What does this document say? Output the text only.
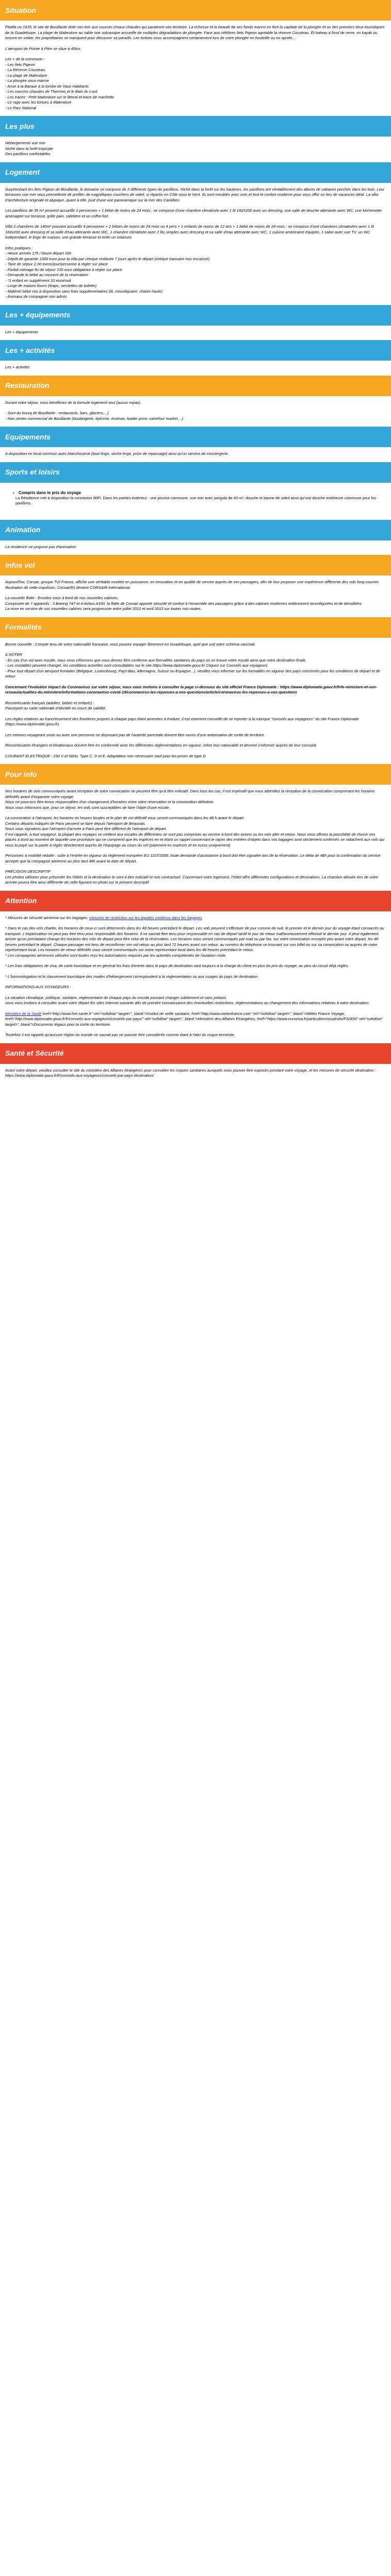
Situation

Flotilla no 1635, le site de Bouillante doté non-loin aux sources d'eaux chaudes qui paraitront son territoire. La richesse et la beauté de ses fonds marins en font la capitale de la plongée et un des premiers lieux touristiques de la Guadeloupe. La plage de Malendure au sable noir volcanique accueille de multiples dégradations de plongée. Face aux célèbres îlets Pigeon agréable la réserve Cousteau. Et bateau à fond de verre, en kayak ou encore en voilier, les propriétaires se manquent pour découvrir sa paradis. Les tortues vous accompagnent certainement lors de votre plongée en bouteille ou en apnée...

L'aéroport de Pointe à Pitre se situe à 45km.

Les + de la commune :
- Les Ilets Pigeon
- La Réserve Cousteau
- La plage de Malendure
- La plongée sous-marine
- Anse à la Barque à la tombe de Vaux Habitants
- Les sources chaudes de Thermes et le Bain du Lord
- Les traces : Petit Malendure sur le littoral et trace de machette
- Le rage avec les tortues à Malendure
- Le Parc National
Les plus
Hébergements vue mer
Niché dans la forêt tropicale
Des pavillons confortables
Logement

Surplombant les îlets Pigeon de Bouillante, le domaine se compose de 3 différents types de pavillons. Niché dans la forêt sur les hauteurs, les pavillons ont véritablement des allures de cabanes perchés dans les bois. Leur terrasses vue mer vous permettront de profiter de magnifiques couchers de soleil, si répartis en Côte sous le Vent. Ils sont meublés avec soin et tout le confort moderne pour vous offrir un lieu de vacances idéal. La villa d'architecture originale et atypique, quant à elle, jouit d'une vue panoramique sur la mer des Caraïbes.

Les pavillons de 35 m² peuvent accueillir 2 personnes + 1 bébé de moins de 24 mois ; se compose d'une chambre climatisée avec 1 lit 160X200 avec un dressing, une salle de douche attenante avec WC, une kitchenette aménagée sur terrasse, grille pain, cafetière et un coffre-fort.

Villa 2 chambres de 140m² pouvant accueillir 4 personnes + 2 bébés de moins de 24 mois ou 4 pers + 1 enfants de moins de 12 ans + 1 bébé de moins de 24 mois ; se compose d'une chambres climatisées avec 1 lit 160x200 avec dressing et sa salle d'eau attenante avec WC, 1 chambre climatisée avec 2 lits simples avec dressing et sa salle d'eau attenante avec WC, 1 cuisine américaine équipée, 1 salon avec vue TV, un WC indépendant, le linge de maison, une grande terrasse et enfin un solarium.

Infos pratiques :
- Heure arrivée 17h / heure départ 10h
- Dépôt de garantie 1000 euro pour la villa par cheque restituée 7 jours après le départ (chèque bancaire non encaissé)
- Taxe de séjour 2,30 euros/jour/personne à régler sur place
- Forfait ménage fin de séjour 130 euro obligatoire à régler sur place
- Demande le bébé au moment de la réservation
- *1 enfant en supplément 10 euro/nuit
- Linge de maison fourni (draps, serviettes de toilette)
- Matériel bébé mis à disposition sans frais supplémentaires (lit, moustiquaire, chaise haute)
- Animaux de compagnie non admis
Les + équipements

Les + équipements

Les + activités

Les + activités

Restauration

Durant votre séjour, vous bénéficiez de la formule logement seul (aucun repas).

- Sont du bourg de Bouillante : restaurants, bars, glaciers,...)
- Non centre commercial de Bouillante (boulangerie, épicerie, écomax, loader price, carrefour market,...)
Equipements

A disposition en local commun avec blanchisserie (lave-linge, sèche-linge, prise de repassage) ainsi qu'un service de conciergerie.

Sports et loisirs
• Compris dans le prix du voyage
La Résidence met à disposition la connexion WiFi. Dans les parties extérieur : une piscine commune, vue mer avec pergola de 43 m², douche et banne de soleil ainsi qu'une douche extérieure commune pour les pavillons.
Animation

La résidence ne propose pas d'animation.

Infos vol

Aujourd'hui, Corsair, groupe TUI France, affiche une véritable montée en puissance, en innovation et en qualité de service auprès de ses passagers, afin de leur proposer une expérience différente des vols long courrier. Illustration de cette impulsion, Corsair(R) devient CORSAIR International.

La nouvelle flotte : Envolez-vous à bord de nos nouvelles cabines.
Composée de 7 appareils : 3 Boeing 747 et 4 Airbus A330, la flotte de Corsair apporte sécurité et confort à l'ensemble des passagers grâce à des cabines modernes entièrement reconfigurées et de densifiées.
La mise en service de nos nouvelles cabines sera progressive entre juillet 2012 et avril 2013 sur toutes nos routes.

Formalités

Bonne nouvelle : Compte tenu de votre nationalité française, vous pouvez voyager librement en Guadeloupe, quel que soit votre schéma vaccinal.

A NOTER
- En cas d'un vol avec escale, nous vous informons que vous devrez être conforme aux formalités sanitaires du pays où se trouve votre escale ainsi que votre destination finale.
- Les modalités peuvent changer, les conditions actuelles sont consultables sur le site https://www.diplomatie.gouv.fr/ Cliquez sur Conseils aux voyageurs.
- Pour tout départ d'un aéroport frontalier (Belgique, Luxembourg, Pays-Bas, Allemagne, Suisse ou Espagne...), veuillez vous informer sur les formalités en vigueur des pays concernés pour les conditions de départ et de retour.

Concernant l'évolution impact du Coronavirus sur votre séjour, nous vous invitons à consulter la page ci-dessous du site officiel France Diplomatie : https://www.diplomatie.gouv.fr/fr/le-ministere-et-son-reseau/actualites-du-ministere/informations-coronavirus-covid-19/coronavirus-les-reponses-a-vos-questions/article/coronavirus-les-reponses-a-vos-questions

Ressortissants français (adultes, bébés et enfants) :
Passeport ou carte nationale d'identité en cours de validité.

Les règles relatives au franchissement des frontières propres à chaque pays étant amenées à évoluer, il est vivement conseillé de se reporter à la rubrique "conseils aux voyageurs" du site France Diplomatie (https://www.diplomatie.gouv.fr).

Les mineurs voyageant seuls ou avec une personne ne disposant pas de l'autorité parentale doivent être munis d'une autorisation de sortie de territoire.

Ressortissants étrangers et binationaux doivent être en conformité avec les différentes réglementations en vigueur, selon leur nationalité et devront s'informer auprès de leur consulat.

COURANT ELECTRIQUE : 230 V et 50Hz. Type C, D et E. Adaptateur non nécessaire sauf pour les prises de type D.

Pour info

Nos horaires de vols communiqués avant réception de votre convocation ne peuvent être qu'à titre indicatif. Dans tous les cas, il est impératif que vous attendiez la réception de la convocation comprenant les horaires définitifs avant d'organiser votre voyage.
Nous ne pourrons être tenus responsables d'un changement d'horaires entre votre réservation et la convocation définitive.
Nous vous informons que, pour ce séjour, les vols sont susceptibles de faire l'objet d'une escale.

La convocation à l'aéroport, les horaires en heures locales et le plan de vol définitif vous seront communiqués dans les 48 h avant le départ.
Certains départs indiqués de Paris peuvent se faire depuis l'aéroport de Beauvais.
Nous vous signalons que l'aéroport d'arrivée à Paris peut être différent de l'aéroport de départ.
Il est rappelé, à tout voyageur, la plupart des voyages se mettent aux escales de différentes se sont pas comprises au service à bord des avions ou les vols aller et retour. Nous vous offrons la possibilité de choisir vos places à bord au moment de laquelle une procédure qui ne comprend que les espèces en et étant un rappel concernant le rayon des entrées d'objets dans vos bagages sont strictement confirmés se rattachent aux vols qui nous la payé sur la partie à régler directement auprès de l'équipage au cours du vol (paiement en espèces et en euros uniquement).

Personnes à mobilité réduite : suite à l'entrée en vigueur du règlement européen EU 1107/2006, toute demande d'assistance à bord doit être signalée lors de la réservation. Le délai de 48h pour la confirmation du service accepte que la compagnie aérienne au plus tard 48h avant la date de départ.

PRÉCISION DESCRIPTIF
Les photos utilisées pour présenter les hôtels et la destination le sont à titre indicatif et non contractuel. Concernant votre logement, l'hôtel offre différentes configurations et décorations. La chambre allouée lors de votre arrivée pourra être ainsi différente de celle figurant en photo sur le présent descriptif.

Attention

* Mesures de sécurité aérienne sur les bagages: mesures de restriction sur les liquides contenus dans les bagages

* Dans le cas des vols charter, les horaires de ceux-ci sont déterminés dans les 48 heures précédant le départ. Les vols peuvent s'effectuer de jour comme de nuit, le premier et le dernier jour du voyage étant consacrés au transport. L'organisateur ne peut pas être tenu pour responsable des horaires. Il ne saurait être tenu pour responsable en cas de départ tardif le jour de retour malheureusement effectué le dernier jour. Il peut également arriver qu'un prestataire change les horaires des vols de départ peut être celui de la réservation. Les horaires vous seront communiqués par mail ou par fax, sur votre convocation envoyée peu avant votre départ, les 48 heures précédant le départ. Chaque passager est tenu de reconfirmer son vol retour au plus tard 72 heures avant son retour, au numéro de téléphone se trouvant sur son billet ou sur sa convocation ou auprès de notre représentant local. Les horaires de retour définitifs vous seront communiqués sur notre représentant local dans les 48 heures précédant le retour.
* Les compagnies aériennes utilisées sont toutes reçu les autorisations requises par les autorités compétentes de l'aviation civile.

* Les frais obligatoires de visa, de carte touristique et en général les frais d'entrée dans le pays de destination sont toujours à la charge du client en plus du prix du voyage, au plus du circuit déjà réglés.

* L'hommologation et le classement touristique des modes d'hébergement correspondent à la réglementation ou aux usages du pays de destination.

INFORMATIONS AUX VOYAGEURS :

La situation climatique, politique, sanitaire, réglementaire de chaque pays du monde pouvant changer subitement et sans préavis
nous vous invitons à consulter avant votre départ les sites Internet suivants afin de prendre connaissance des éventuelles restrictions, réglementations ou changement des informations relatives à votre destination.

Ministère de la Santé href="http://www.hre.sante.fr" rel="nofollow" target="_blank">Institut de veille sanitaire, href="http://www.meteofrance.com" rel="nofollow" target="_blank">Météo France Voyage, href="http://www.diplomatie.gouv.fr/fr/conseils-aux-voyageurs/conseils-par-pays/" rel="nofollow" target="_blank">Ministère des Affaires Etrangères, href="https://www.eurovisa.fr/particuliers/vosdroits/F32830" rel="nofollow" target="_blank">Documents légaux pour la sortie du territoire.

Toutefois il est rappelé qu'aucune région du monde ne saurait pas ne pouvoir être considérée comme étant à l'abri du risque terroriste.

Santé et Sécurité

Avant votre départ, veuillez consulter le site du ministère des Affaires étrangères pour connaître les risques sanitaires auxquels vous pouvez être exposés pendant votre voyage, et les mesures de sécurité destination : https://www.diplomatie.gouv.fr/fr/conseils-aux-voyageurs/conseils-par-pays-destination/
